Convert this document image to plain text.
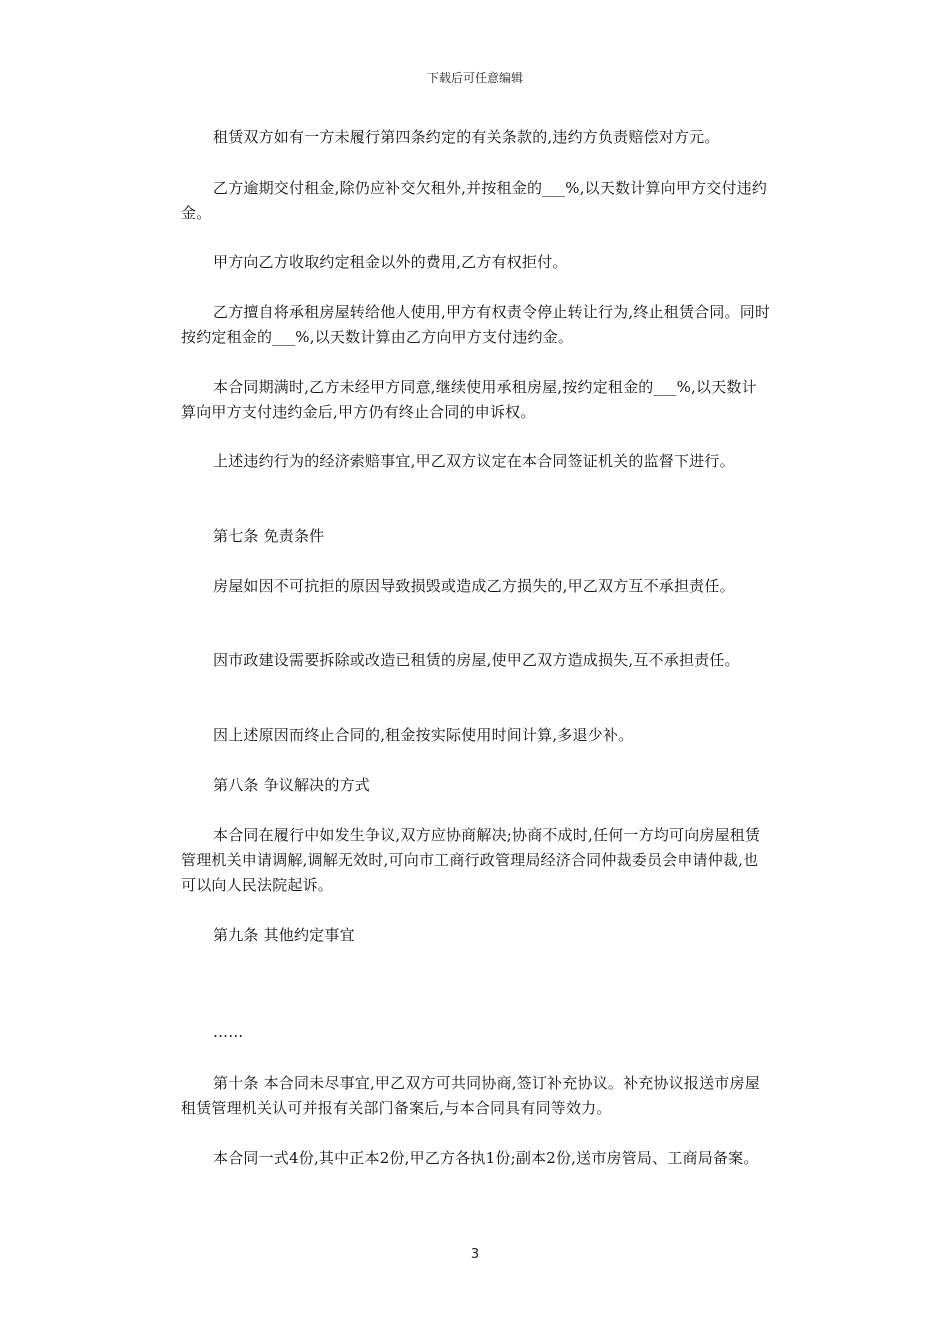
下载后可任意编辑

租赁双方如有一方未履行第四条约定的有关条款的,违约方负责赔偿对方元。

乙方逾期交付租金,除仍应补交欠租外,并按租金的___%,以天数计算向甲方交付违约金。

甲方向乙方收取约定租金以外的费用,乙方有权拒付。

乙方擅自将承租房屋转给他人使用,甲方有权责令停止转让行为,终止租赁合同。同时按约定租金的___%,以天数计算由乙方向甲方支付违约金。

本合同期满时,乙方未经甲方同意,继续使用承租房屋,按约定租金的___%,以天数计算向甲方支付违约金后,甲方仍有终止合同的申诉权。

上述违约行为的经济索赔事宜,甲乙双方议定在本合同签证机关的监督下进行。

第七条 免责条件

房屋如因不可抗拒的原因导致损毁或造成乙方损失的,甲乙双方互不承担责任。

因市政建设需要拆除或改造已租赁的房屋,使甲乙双方造成损失,互不承担责任。

因上述原因而终止合同的,租金按实际使用时间计算,多退少补。

第八条 争议解决的方式

本合同在履行中如发生争议,双方应协商解决;协商不成时,任何一方均可向房屋租赁管理机关申请调解,调解无效时,可向市工商行政管理局经济合同仲裁委员会申请仲裁,也可以向人民法院起诉。

第九条 其他约定事宜

……

第十条 本合同未尽事宜,甲乙双方可共同协商,签订补充协议。补充协议报送市房屋租赁管理机关认可并报有关部门备案后,与本合同具有同等效力。

本合同一式4份,其中正本2份,甲乙方各执1份;副本2份,送市房管局、工商局备案。

3
